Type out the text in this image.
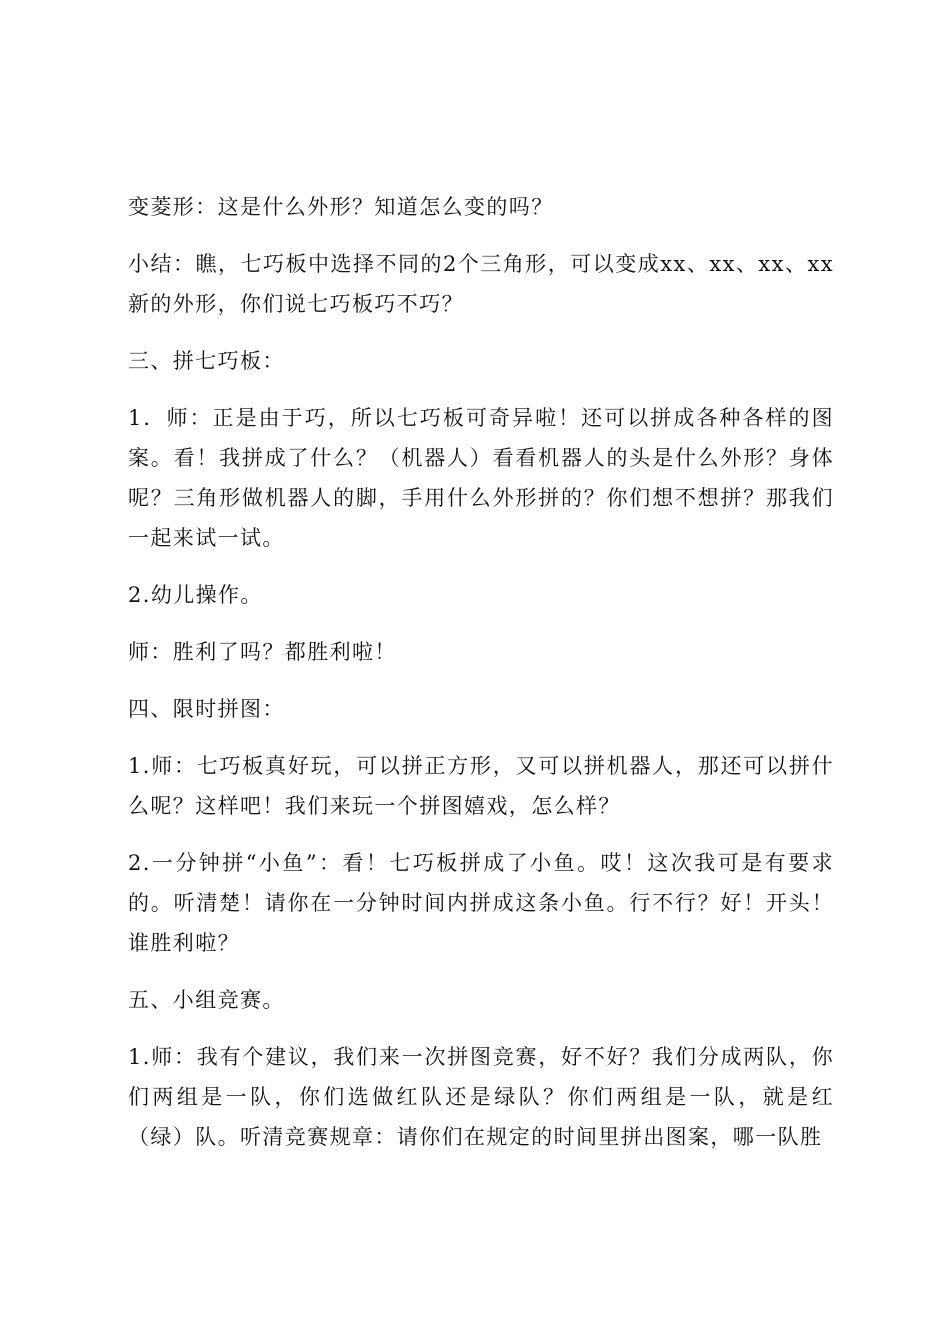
变菱形：这是什么外形？知道怎么变的吗？

小结：瞧，七巧板中选择不同的2个三角形，可以变成xx、xx、xx、xx新的外形，你们说七巧板巧不巧？

三、拼七巧板：

1．师：正是由于巧，所以七巧板可奇异啦！还可以拼成各种各样的图案。看！我拼成了什么？（机器人）看看机器人的头是什么外形？身体呢？三角形做机器人的脚，手用什么外形拼的？你们想不想拼？那我们一起来试一试。

2.幼儿操作。

师：胜利了吗？都胜利啦！

四、限时拼图：

1.师：七巧板真好玩，可以拼正方形，又可以拼机器人，那还可以拼什么呢？这样吧！我们来玩一个拼图嬉戏，怎么样？

2.一分钟拼“小鱼”：看！七巧板拼成了小鱼。哎！这次我可是有要求的。听清楚！请你在一分钟时间内拼成这条小鱼。行不行？好！开头！谁胜利啦？

五、小组竞赛。

1.师：我有个建议，我们来一次拼图竞赛，好不好？我们分成两队，你们两组是一队，你们选做红队还是绿队？你们两组是一队，就是红（绿）队。听清竞赛规章：请你们在规定的时间里拼出图案，哪一队胜
